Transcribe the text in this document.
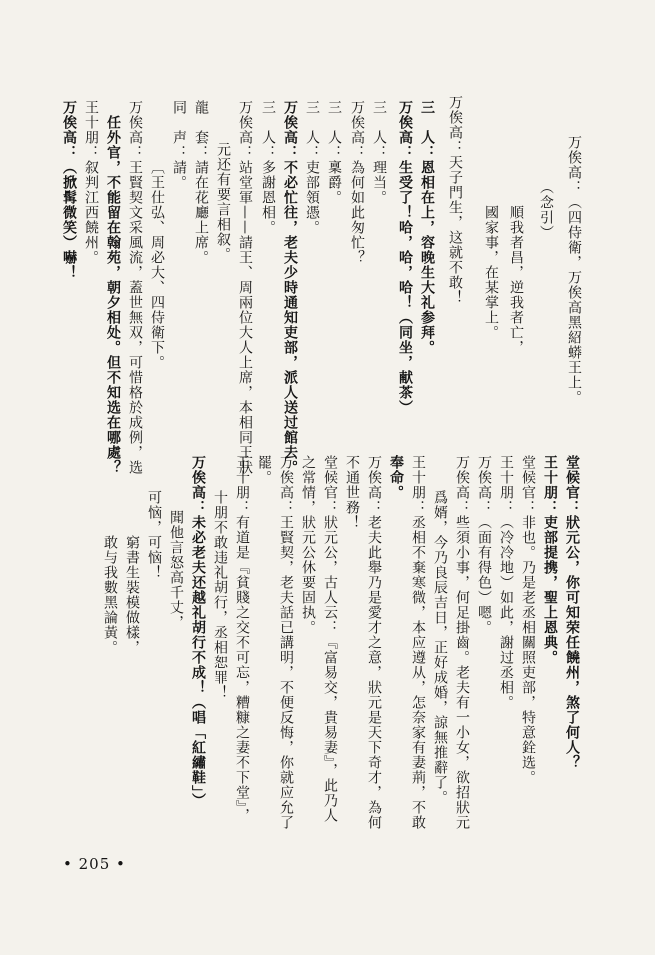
万俟高：（四侍衛，万俟高黑紹蟒王上。
（念引）
順我者昌，逆我者亡，
國家事，在某掌上。
万俟高：天子門生，这就不敢！
三　人：恩相在上，容晚生大礼参拜。
万俟高：生受了！哈，哈，哈！（同坐，献茶）
三　人：理当。
万俟高：為何如此匆忙？
三　人：稟爵。
三　人：吏部領憑。
万俟高：不必忙往，老夫少時通知吏部，派人送过館去。
三　人：多謝恩相。
万俟高：站堂軍——請王、周兩位大人上席，本相同王狀
元还有要言相叙。
龍　套：請在花廳上席。
同　声：請。
〔王仕弘、周必大、四侍衛下。
万俟高：王賢契文采風流，蓋世無双，可惜格於成例，选
任外官，不能留在翰苑，朝夕相处。但不知选在哪處？
王十朋：叙判江西饒州。
万俟高：（掀髯微笑）嚇！
堂候官：狀元公，你可知荣任饒州，煞了何人？
王十朋：吏部提携，聖上恩典。
堂候官：非也。乃是老丞相關照吏部，特意銓选。
王十朋：（冷冷地）如此，謝过丞相。
万俟高：（面有得色）嗯。
万俟高：些須小事，何足掛齒。老夫有一小女，欲招狀元
爲婿，今乃良辰吉日，正好成婚，諒無推辭了。
王十朋：丞相不棄寒微，本应遵从，怎奈家有妻荊，不敢
奉命。
万俟高：老夫此舉乃是愛才之意，狀元是天下奇才，為何
不通世務！
堂候官：狀元公，古人云：『富易交，貴易妻』，此乃人
之常情，狀元公休要固执。
万俟高：王賢契，老夫話已講明，不便反悔，你就应允了
罷。
王十朋：有道是『貧賤之交不可忘，糟糠之妻不下堂』，
十朋不敢违礼胡行，丞相恕罪！
万俟高：未必老夫还越礼胡行不成！（唱「紅繡鞋」）
聞他言怒高千丈，
可恼，可恼！
窮書生裝模做樣，
敢与我數黑論黃。
• 205 •
